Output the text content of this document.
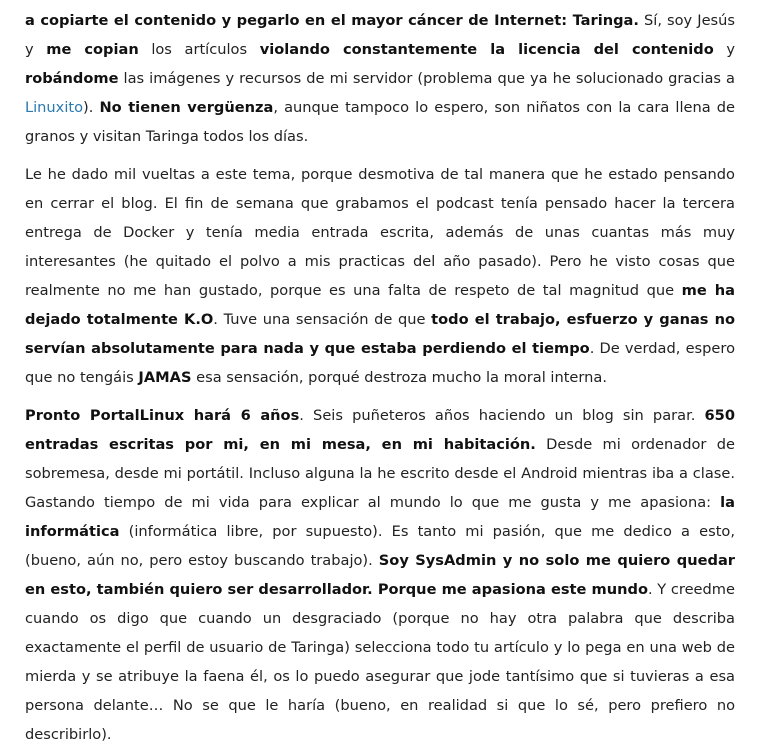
a copiarte el contenido y pegarlo en el mayor cáncer de Internet: Taringa. Sí, soy Jesús y me copian los artículos violando constantemente la licencia del contenido y robándome las imágenes y recursos de mi servidor (problema que ya he solucionado gracias a Linuxito). No tienen vergüenza, aunque tampoco lo espero, son niñatos con la cara llena de granos y visitan Taringa todos los días.

Le he dado mil vueltas a este tema, porque desmotiva de tal manera que he estado pensando en cerrar el blog. El fin de semana que grabamos el podcast tenía pensado hacer la tercera entrega de Docker y tenía media entrada escrita, además de unas cuantas más muy interesantes (he quitado el polvo a mis practicas del año pasado). Pero he visto cosas que realmente no me han gustado, porque es una falta de respeto de tal magnitud que me ha dejado totalmente K.O. Tuve una sensación de que todo el trabajo, esfuerzo y ganas no servían absolutamente para nada y que estaba perdiendo el tiempo. De verdad, espero que no tengáis JAMAS esa sensación, porqué destroza mucho la moral interna.

Pronto PortalLinux hará 6 años. Seis puñeteros años haciendo un blog sin parar. 650 entradas escritas por mi, en mi mesa, en mi habitación. Desde mi ordenador de sobremesa, desde mi portátil. Incluso alguna la he escrito desde el Android mientras iba a clase. Gastando tiempo de mi vida para explicar al mundo lo que me gusta y me apasiona: la informática (informática libre, por supuesto). Es tanto mi pasión, que me dedico a esto, (bueno, aún no, pero estoy buscando trabajo). Soy SysAdmin y no solo me quiero quedar en esto, también quiero ser desarrollador. Porque me apasiona este mundo. Y creedme cuando os digo que cuando un desgraciado (porque no hay otra palabra que describa exactamente el perfil de usuario de Taringa) selecciona todo tu artículo y lo pega en una web de mierda y se atribuye la faena él, os lo puedo asegurar que jode tantísimo que si tuvieras a esa persona delante… No se que le haría (bueno, en realidad si que lo sé, pero prefiero no describirlo).
